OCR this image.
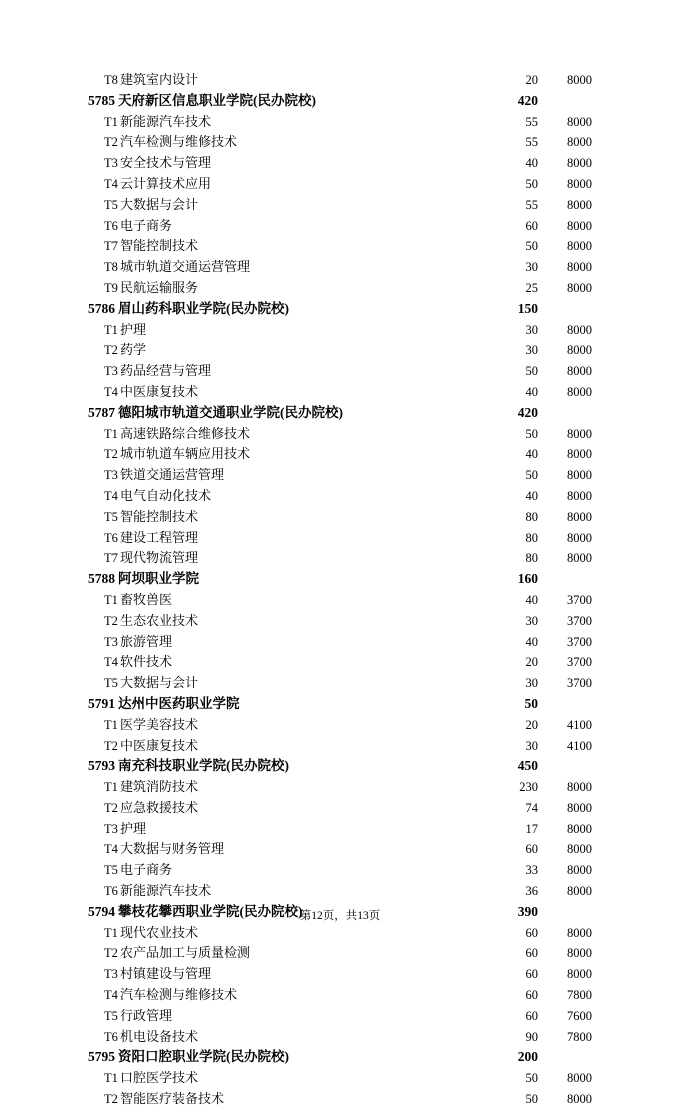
T8	建筑室内设计	20	8000
5785	天府新区信息职业学院(民办院校)	420	
T1	新能源汽车技术	55	8000
T2	汽车检测与维修技术	55	8000
T3	安全技术与管理	40	8000
T4	云计算技术应用	50	8000
T5	大数据与会计	55	8000
T6	电子商务	60	8000
T7	智能控制技术	50	8000
T8	城市轨道交通运营管理	30	8000
T9	民航运输服务	25	8000
5786	眉山药科职业学院(民办院校)	150	
T1	护理	30	8000
T2	药学	30	8000
T3	药品经营与管理	50	8000
T4	中医康复技术	40	8000
5787	德阳城市轨道交通职业学院(民办院校)	420	
T1	高速铁路综合维修技术	50	8000
T2	城市轨道车辆应用技术	40	8000
T3	铁道交通运营管理	50	8000
T4	电气自动化技术	40	8000
T5	智能控制技术	80	8000
T6	建设工程管理	80	8000
T7	现代物流管理	80	8000
5788	阿坝职业学院	160	
T1	畜牧兽医	40	3700
T2	生态农业技术	30	3700
T3	旅游管理	40	3700
T4	软件技术	20	3700
T5	大数据与会计	30	3700
5791	达州中医药职业学院	50	
T1	医学美容技术	20	4100
T2	中医康复技术	30	4100
5793	南充科技职业学院(民办院校)	450	
T1	建筑消防技术	230	8000
T2	应急救援技术	74	8000
T3	护理	17	8000
T4	大数据与财务管理	60	8000
T5	电子商务	33	8000
T6	新能源汽车技术	36	8000
5794	攀枝花攀西职业学院(民办院校)	390	
T1	现代农业技术	60	8000
T2	农产品加工与质量检测	60	8000
T3	村镇建设与管理	60	8000
T4	汽车检测与维修技术	60	7800
T5	行政管理	60	7600
T6	机电设备技术	90	7800
5795	资阳口腔职业学院(民办院校)	200	
T1	口腔医学技术	50	8000
T2	智能医疗装备技术	50	8000
第12页，共13页
